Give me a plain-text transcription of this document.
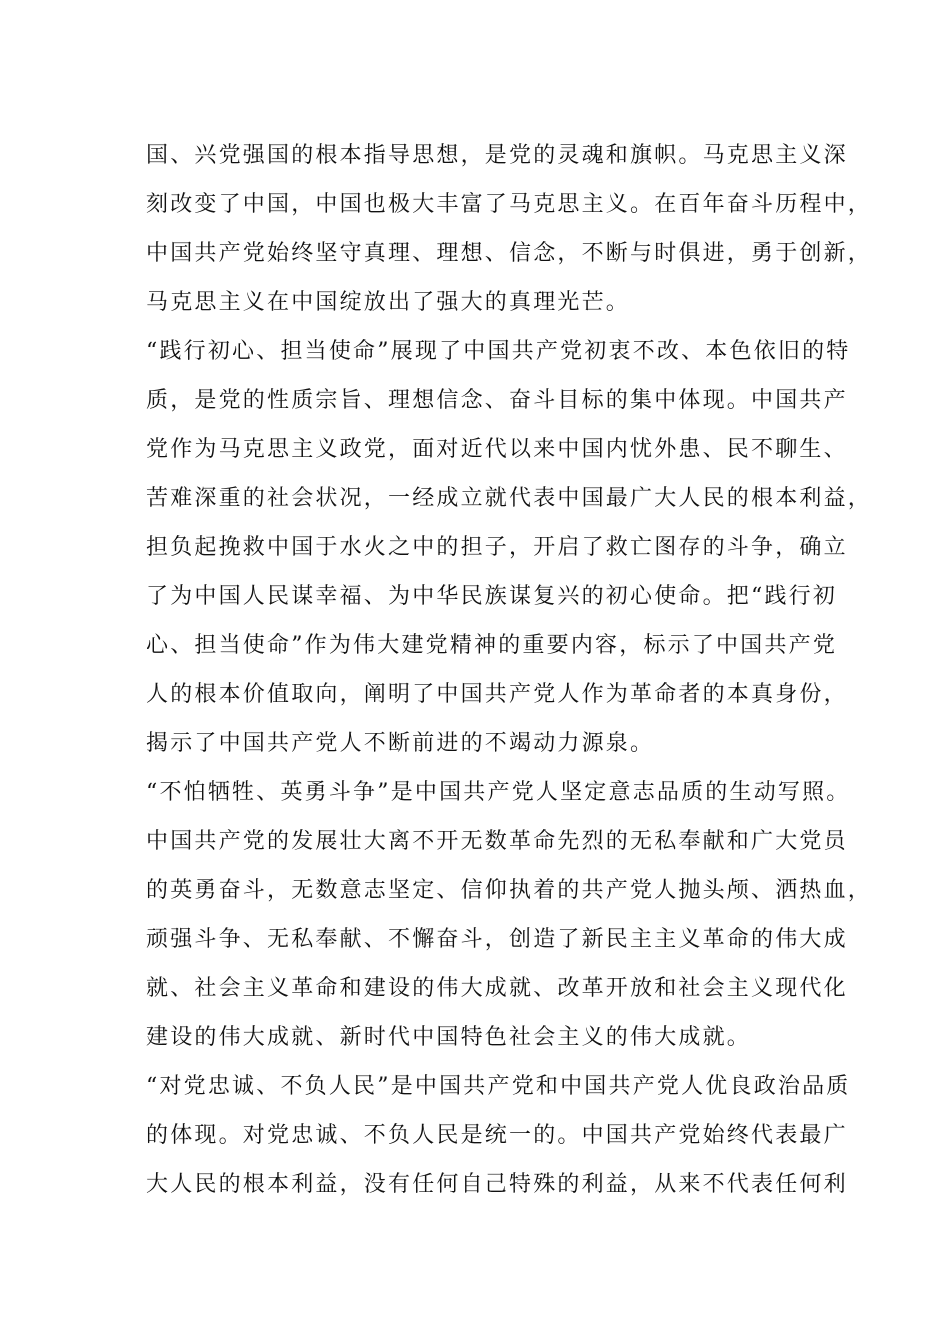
国、兴党强国的根本指导思想，是党的灵魂和旗帜。马克思主义深
刻改变了中国，中国也极大丰富了马克思主义。在百年奋斗历程中，
中国共产党始终坚守真理、理想、信念，不断与时俱进，勇于创新，
马克思主义在中国绽放出了强大的真理光芒。
“践行初心、担当使命”展现了中国共产党初衷不改、本色依旧的特
质，是党的性质宗旨、理想信念、奋斗目标的集中体现。中国共产
党作为马克思主义政党，面对近代以来中国内忧外患、民不聊生、
苦难深重的社会状况，一经成立就代表中国最广大人民的根本利益，
担负起挽救中国于水火之中的担子，开启了救亡图存的斗争，确立
了为中国人民谋幸福、为中华民族谋复兴的初心使命。把“践行初
心、担当使命”作为伟大建党精神的重要内容，标示了中国共产党
人的根本价值取向，阐明了中国共产党人作为革命者的本真身份，
揭示了中国共产党人不断前进的不竭动力源泉。
“不怕牺牲、英勇斗争”是中国共产党人坚定意志品质的生动写照。
中国共产党的发展壮大离不开无数革命先烈的无私奉献和广大党员
的英勇奋斗，无数意志坚定、信仰执着的共产党人抛头颅、洒热血，
顽强斗争、无私奉献、不懈奋斗，创造了新民主主义革命的伟大成
就、社会主义革命和建设的伟大成就、改革开放和社会主义现代化
建设的伟大成就、新时代中国特色社会主义的伟大成就。
“对党忠诚、不负人民”是中国共产党和中国共产党人优良政治品质
的体现。对党忠诚、不负人民是统一的。中国共产党始终代表最广
大人民的根本利益，没有任何自己特殊的利益，从来不代表任何利
